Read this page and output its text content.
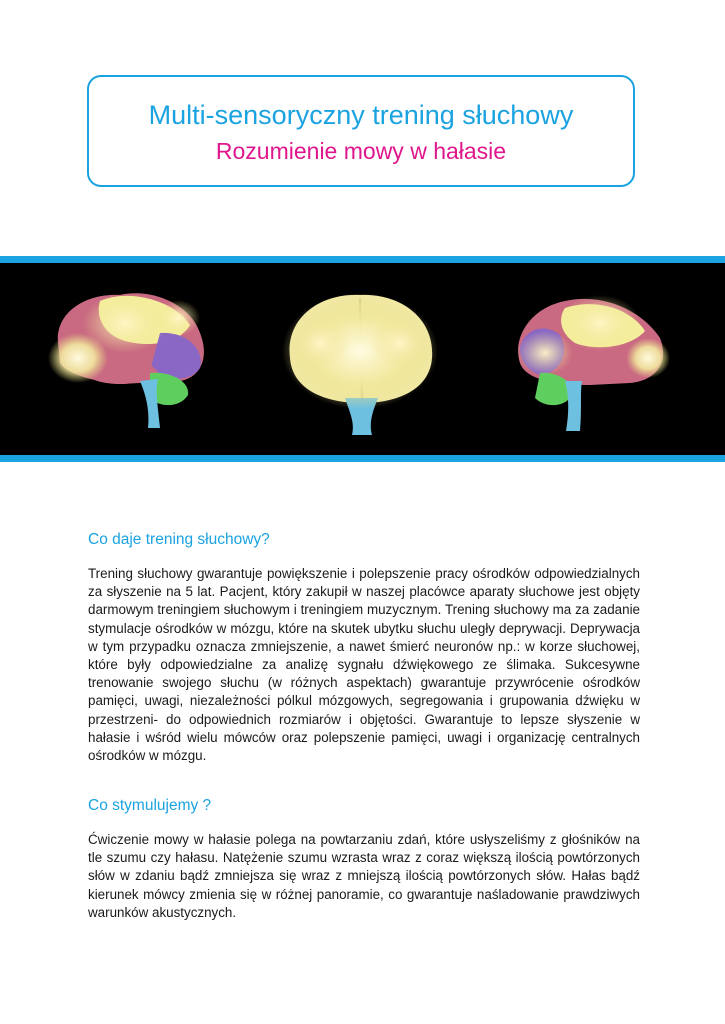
Multi-sensoryczny trening słuchowy

Rozumienie mowy w hałasie

Co daje trening słuchowy?

Trening słuchowy gwarantuje powiększenie i polepszenie pracy ośrodków odpowiedzialnych za słyszenie na 5 lat. Pacjent, który zakupił w naszej placówce aparaty słuchowe jest objęty darmowym treningiem słuchowym i treningiem muzycznym. Trening słuchowy ma za zadanie stymulacje ośrodków w mózgu, które na skutek ubytku słuchu uległy deprywacji. Deprywacja w tym przypadku oznacza zmniejszenie, a nawet śmierć neuronów np.: w korze słuchowej, które były odpowiedzialne za analizę sygnału dźwiękowego ze ślimaka. Sukcesywne trenowanie swojego słuchu (w różnych aspektach) gwarantuje przywrócenie ośrodków pamięci, uwagi, niezależności pólkul mózgowych, segregowania i grupowania dźwięku w przestrzeni- do odpowiednich rozmiarów i objętości. Gwarantuje to lepsze słyszenie w hałasie i wśród wielu mówców oraz polepszenie pamięci, uwagi i organizację centralnych ośrodków w mózgu.

Co stymulujemy ?

Ćwiczenie mowy w hałasie polega na powtarzaniu zdań, które usłyszeliśmy z głośników na tle szumu czy hałasu. Natężenie szumu wzrasta wraz z coraz większą ilością powtórzonych słów w zdaniu bądź zmniejsza się wraz z mniejszą ilością powtórzonych słów. Hałas bądź kierunek mówcy zmienia się w różnej panoramie, co gwarantuje naśladowanie prawdziwych warunków akustycznych.
